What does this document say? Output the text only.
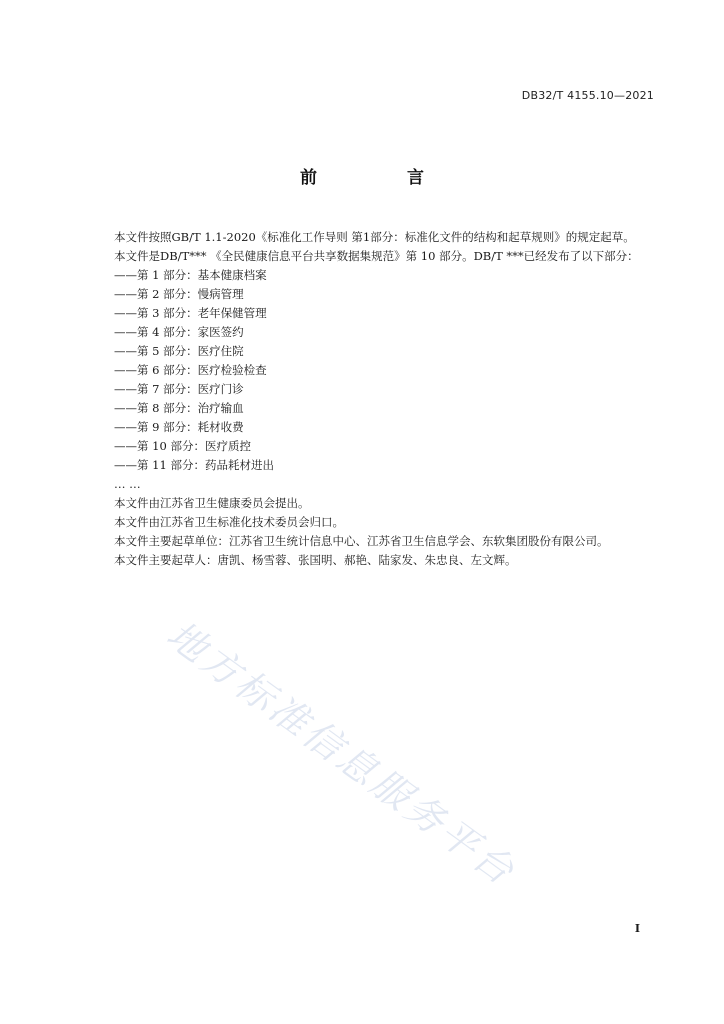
DB32/T 4155.10—2021
前 言

本文件按照GB/T 1.1-2020《标准化工作导则 第1部分：标准化文件的结构和起草规则》的规定起草。

本文件是DB/T*** 《全民健康信息平台共享数据集规范》第 10 部分。DB/T ***已经发布了以下部分：

——第 1 部分：基本健康档案
——第 2 部分：慢病管理
——第 3 部分：老年保健管理
——第 4 部分：家医签约
——第 5 部分：医疗住院
——第 6 部分：医疗检验检查
——第 7 部分：医疗门诊
——第 8 部分：治疗输血
——第 9 部分：耗材收费
——第 10 部分：医疗质控
——第 11 部分：药品耗材进出
… …

本文件由江苏省卫生健康委员会提出。

本文件由江苏省卫生标准化技术委员会归口。

本文件主要起草单位：江苏省卫生统计信息中心、江苏省卫生信息学会、东软集团股份有限公司。

本文件主要起草人：唐凯、杨雪蓉、张国明、郝艳、陆家发、朱忠良、左文辉。

地方标准信息服务平台
I
